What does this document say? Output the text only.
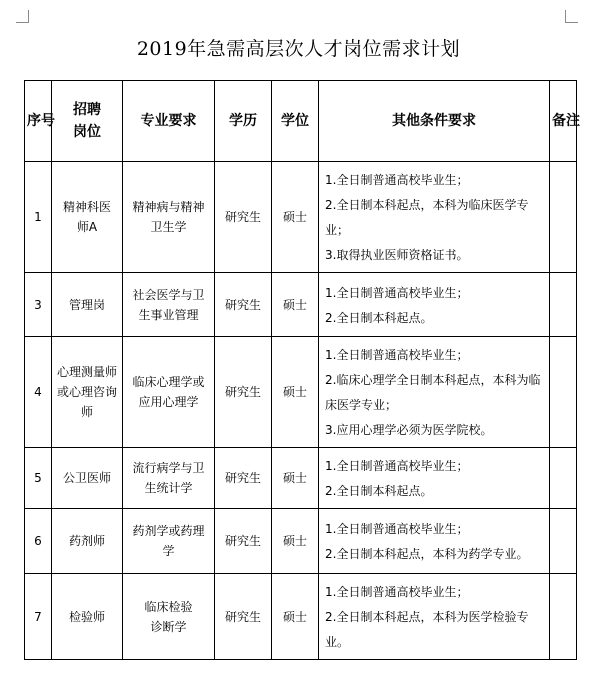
2019年急需高层次人才岗位需求计划
序号	招聘岗位	专业要求	学历	学位	其他条件要求	备注
1	精神科医师A	精神病与精神卫生学	研究生	硕士	1.全日制普通高校毕业生；
2.全日制本科起点，本科为临床医学专业；
3.取得执业医师资格证书。	

3	管理岗	社会医学与卫生事业管理	研究生	硕士	1.全日制普通高校毕业生；
2.全日制本科起点。	

4	心理测量师或心理咨询师	临床心理学或应用心理学	研究生	硕士	1.全日制普通高校毕业生；
2.临床心理学全日制本科起点，本科为临床医学专业；
3.应用心理学必须为医学院校。	

5	公卫医师	流行病学与卫生统计学	研究生	硕士	1.全日制普通高校毕业生；
2.全日制本科起点。	

6	药剂师	药剂学或药理学	研究生	硕士	1.全日制普通高校毕业生；
2.全日制本科起点，本科为药学专业。	

7	检验师	临床检验诊断学	研究生	硕士	1.全日制普通高校毕业生；
2.全日制本科起点，本科为医学检验专业。	
